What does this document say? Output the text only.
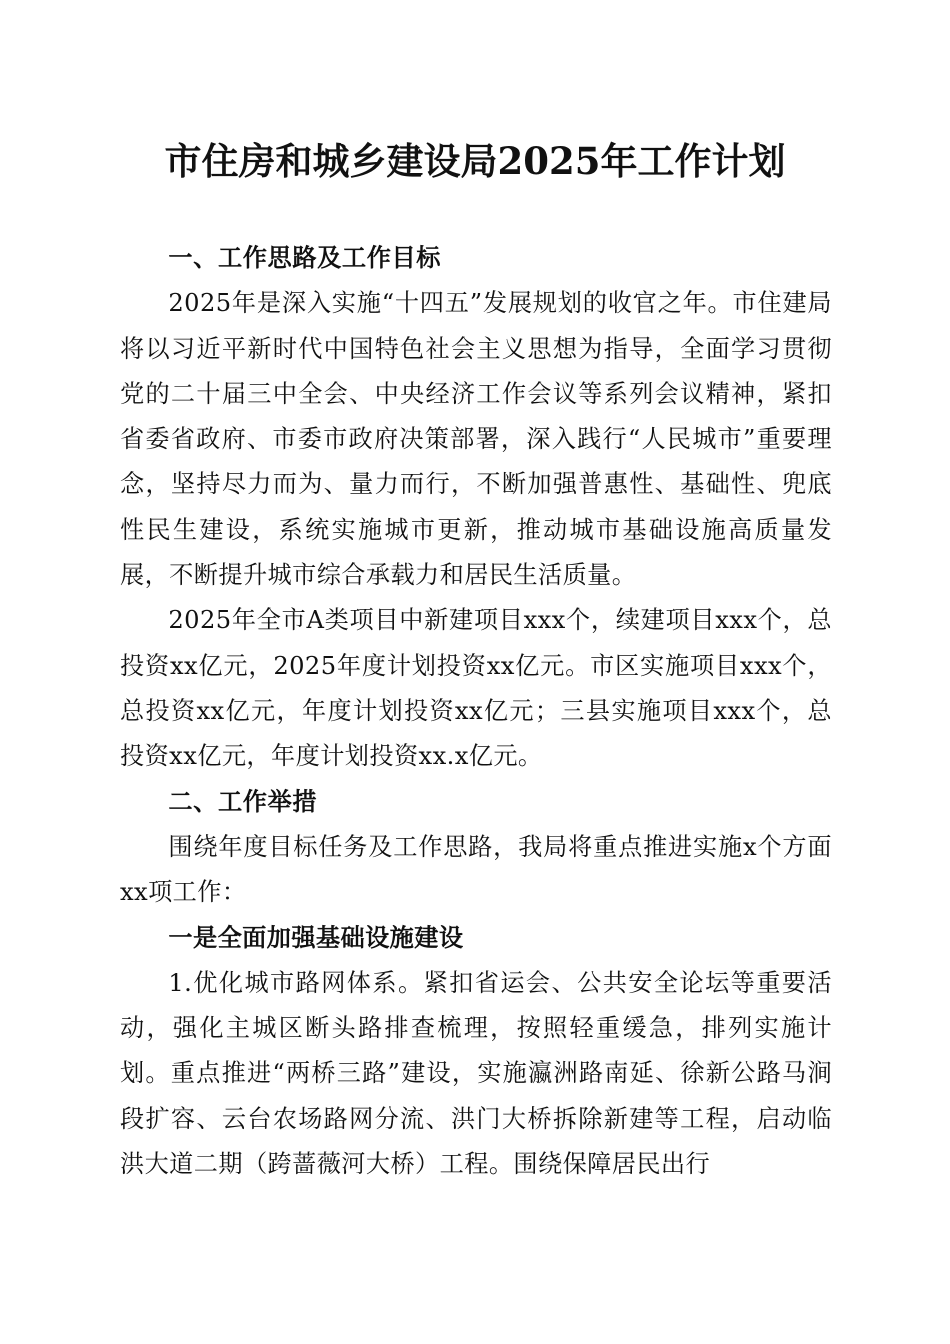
市住房和城乡建设局2025年工作计划

一、工作思路及工作目标

2025年是深入实施“十四五”发展规划的收官之年。市住建局将以习近平新时代中国特色社会主义思想为指导，全面学习贯彻党的二十届三中全会、中央经济工作会议等系列会议精神，紧扣省委省政府、市委市政府决策部署，深入践行“人民城市”重要理念，坚持尽力而为、量力而行，不断加强普惠性、基础性、兜底性民生建设，系统实施城市更新，推动城市基础设施高质量发展，不断提升城市综合承载力和居民生活质量。

2025年全市A类项目中新建项目xxx个，续建项目xxx个，总投资xx亿元，2025年度计划投资xx亿元。市区实施项目xxx个，总投资xx亿元，年度计划投资xx亿元；三县实施项目xxx个，总投资xx亿元，年度计划投资xx.x亿元。

二、工作举措

围绕年度目标任务及工作思路，我局将重点推进实施x个方面xx项工作：

一是全面加强基础设施建设

1.优化城市路网体系。紧扣省运会、公共安全论坛等重要活动，强化主城区断头路排查梳理，按照轻重缓急，排列实施计划。重点推进“两桥三路”建设，实施瀛洲路南延、徐新公路马涧段扩容、云台农场路网分流、洪门大桥拆除新建等工程，启动临洪大道二期（跨蔷薇河大桥）工程。围绕保障居民出行
